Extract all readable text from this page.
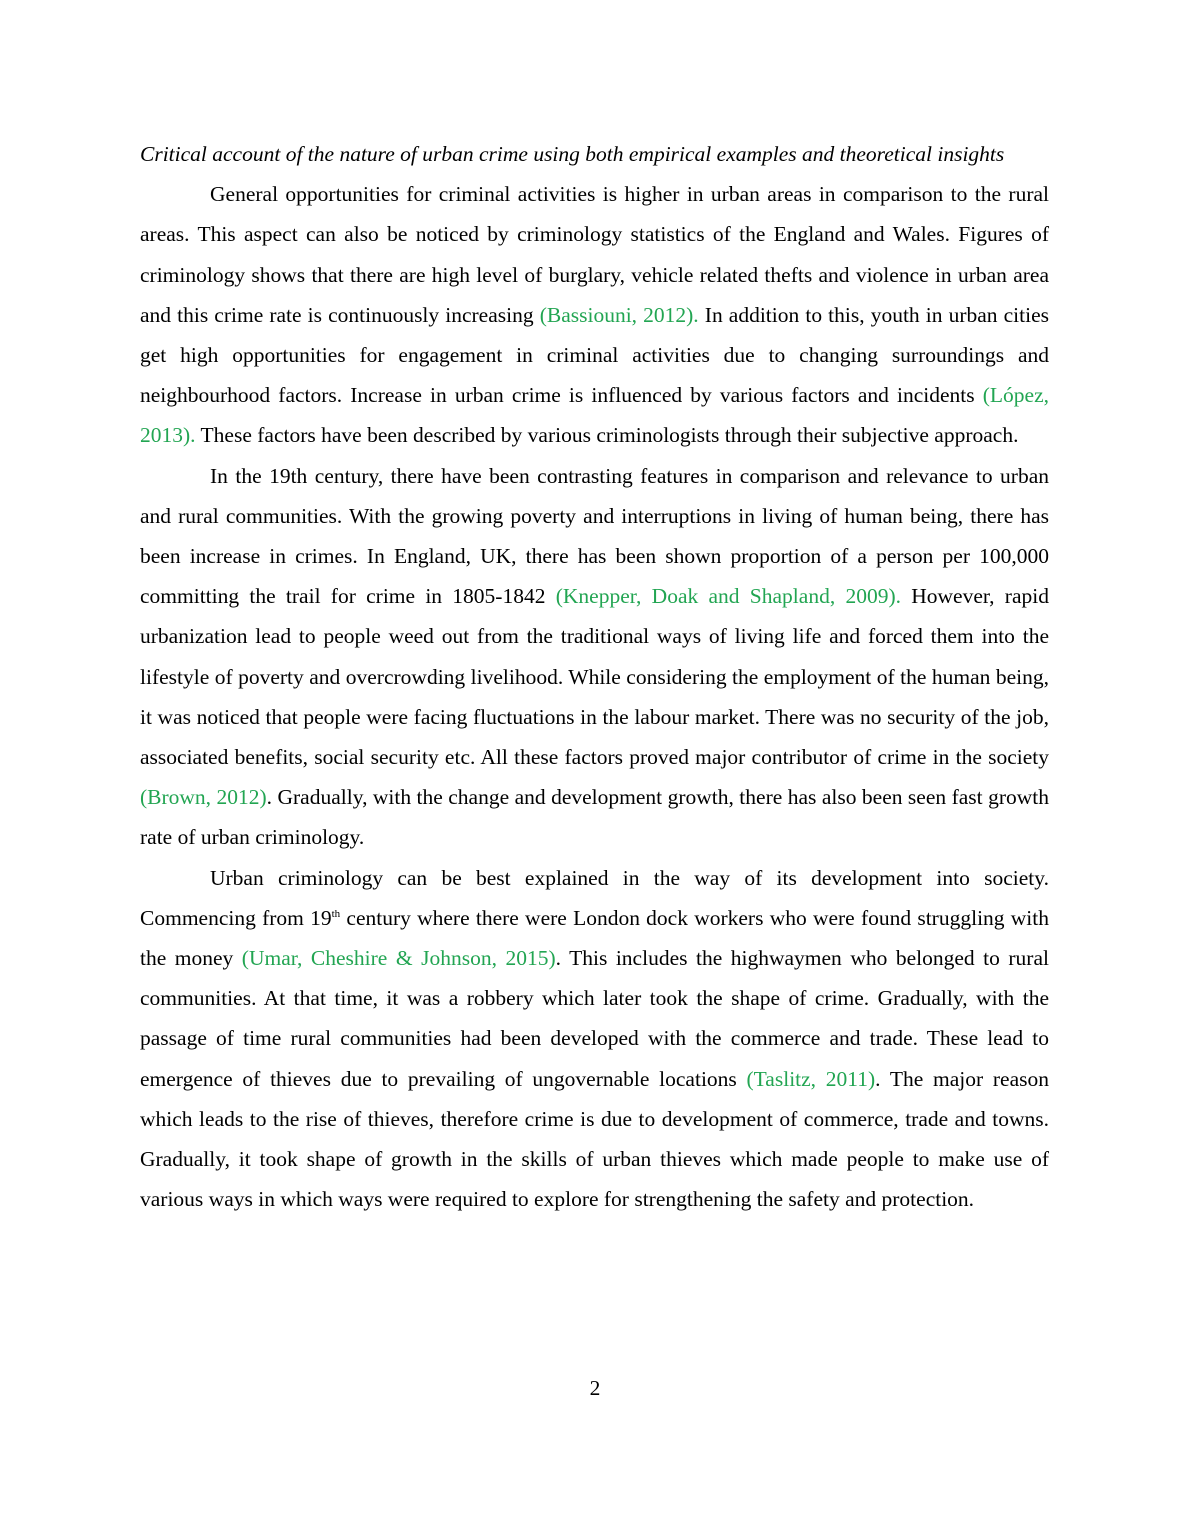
Critical account of the nature of urban crime using both empirical examples and theoretical insights

General opportunities for criminal activities is higher in urban areas in comparison to the rural areas. This aspect can also be noticed by criminology statistics of the England and Wales. Figures of criminology shows that there are high level of burglary, vehicle related thefts and violence in urban area and this crime rate is continuously increasing (Bassiouni, 2012). In addition to this, youth in urban cities get high opportunities for engagement in criminal activities due to changing surroundings and neighbourhood factors. Increase in urban crime is influenced by various factors and incidents (López, 2013). These factors have been described by various criminologists through their subjective approach.

In the 19th century, there have been contrasting features in comparison and relevance to urban and rural communities. With the growing poverty and interruptions in living of human being, there has been increase in crimes. In England, UK, there has been shown proportion of a person per 100,000 committing the trail for crime in 1805-1842 (Knepper, Doak and Shapland, 2009). However, rapid urbanization lead to people weed out from the traditional ways of living life and forced them into the lifestyle of poverty and overcrowding livelihood. While considering the employment of the human being, it was noticed that people were facing fluctuations in the labour market. There was no security of the job, associated benefits, social security etc. All these factors proved major contributor of crime in the society (Brown, 2012). Gradually, with the change and development growth, there has also been seen fast growth rate of urban criminology.

Urban criminology can be best explained in the way of its development into society. Commencing from 19th century where there were London dock workers who were found struggling with the money (Umar, Cheshire & Johnson, 2015). This includes the highwaymen who belonged to rural communities. At that time, it was a robbery which later took the shape of crime. Gradually, with the passage of time rural communities had been developed with the commerce and trade. These lead to emergence of thieves due to prevailing of ungovernable locations (Taslitz, 2011). The major reason which leads to the rise of thieves, therefore crime is due to development of commerce, trade and towns. Gradually, it took shape of growth in the skills of urban thieves which made people to make use of various ways in which ways were required to explore for strengthening the safety and protection.

2
